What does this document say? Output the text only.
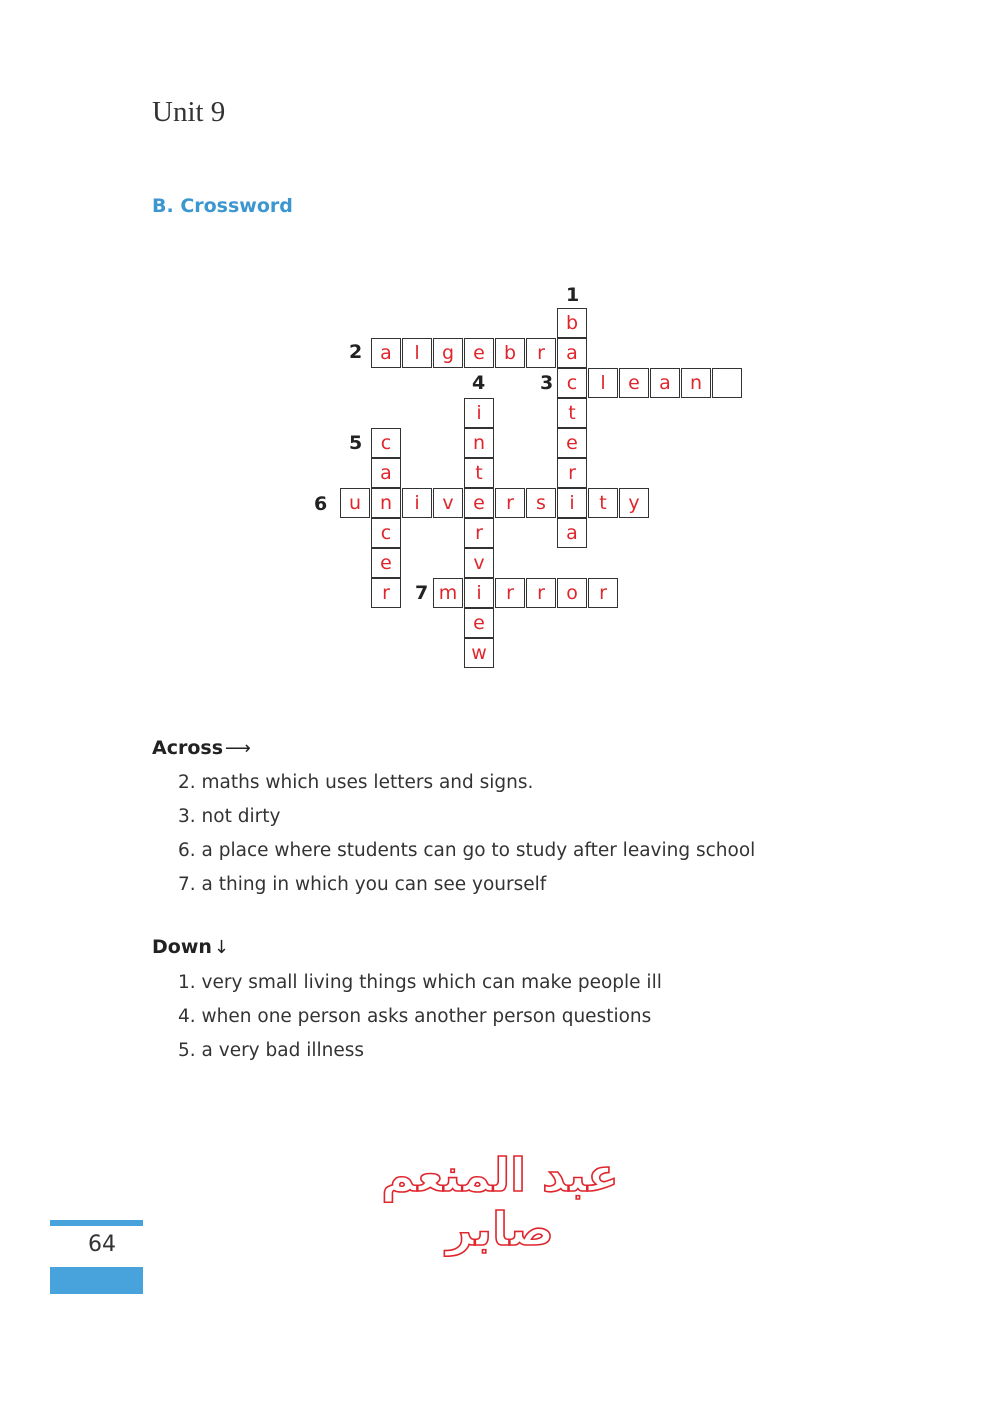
Unit 9
B. Crossword
b
a
c
t
e
r
i
a
a	l	g	e	b	r
l	e	a	n
i
n
t
e
r
v
i
e
w
c
a
n
c
e
r
u	i	v	r	s	t	y
m	r	r	o	r
1
2
3
4
5
6
7
Across ⟶
2. maths which uses letters and signs.
3. not dirty
6. a place where students can go to study after leaving school
7. a thing in which you can see yourself
Down ↓
1. very small living things which can make people ill
4. when one person asks another person questions
5. a very bad illness
عبد المنعم صابر
64
